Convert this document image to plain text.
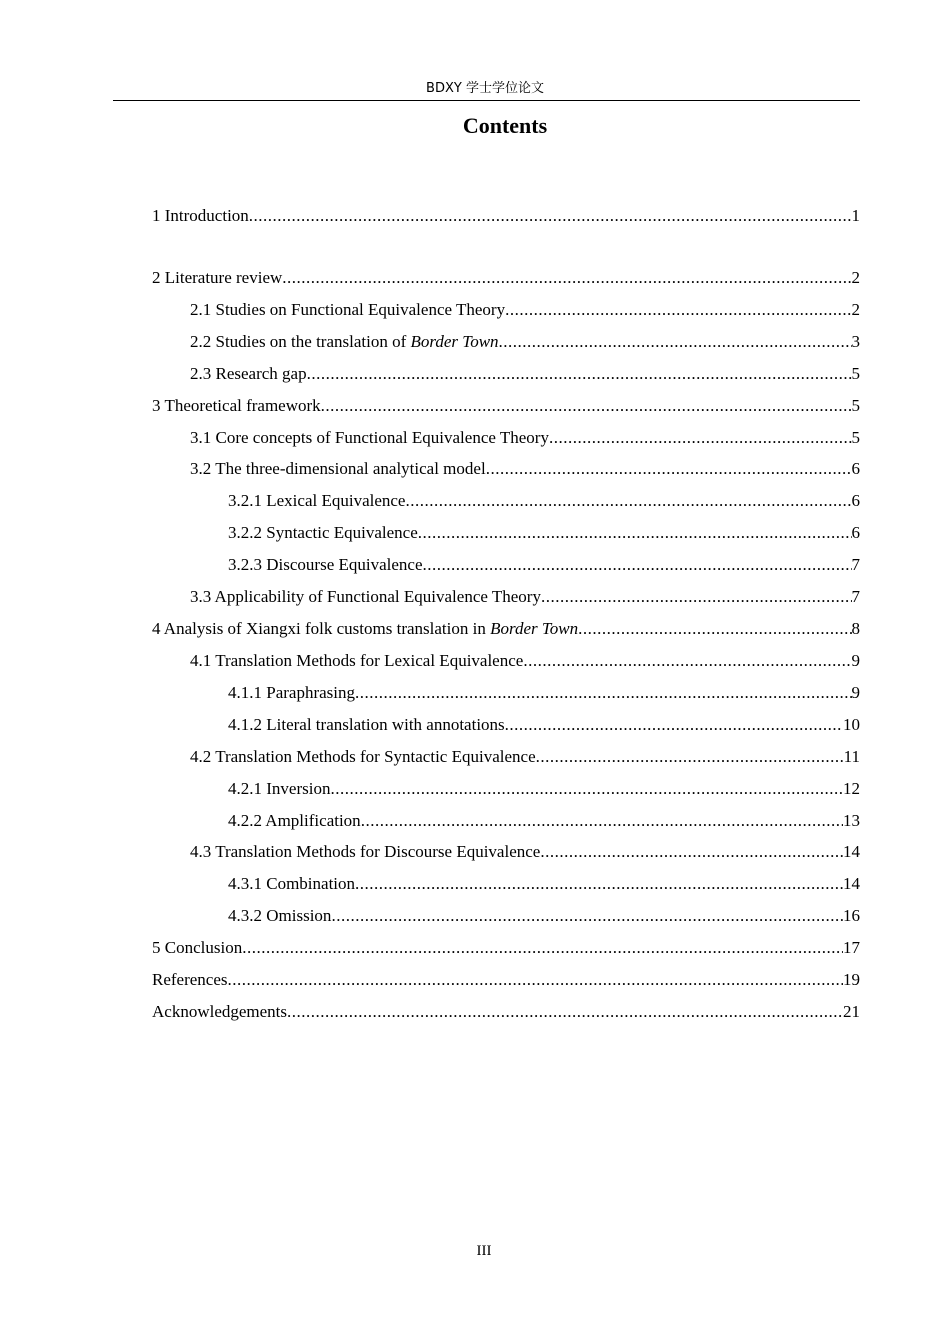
BDXY 学士学位论文
Contents
1 Introduction .....	1
2 Literature review .....	2
2.1 Studies on Functional Equivalence Theory .....	2
2.2 Studies on the translation of Border Town .....	3
2.3 Research gap .....	5
3 Theoretical framework .....	5
3.1 Core concepts of Functional Equivalence Theory .....	5
3.2 The three-dimensional analytical model .....	6
3.2.1 Lexical Equivalence .....	6
3.2.2 Syntactic Equivalence .....	6
3.2.3 Discourse Equivalence .....	7
3.3 Applicability of Functional Equivalence Theory .....	7
4 Analysis of Xiangxi folk customs translation in Border Town .....	8
4.1 Translation Methods for Lexical Equivalence .....	9
4.1.1 Paraphrasing .....	9
4.1.2 Literal translation with annotations .....	10
4.2 Translation Methods for Syntactic Equivalence .....	11
4.2.1 Inversion .....	12
4.2.2 Amplification .....	13
4.3 Translation Methods for Discourse Equivalence .....	14
4.3.1 Combination .....	14
4.3.2 Omission .....	16
5 Conclusion .....	17
References .....	19
Acknowledgements .....	21
III
